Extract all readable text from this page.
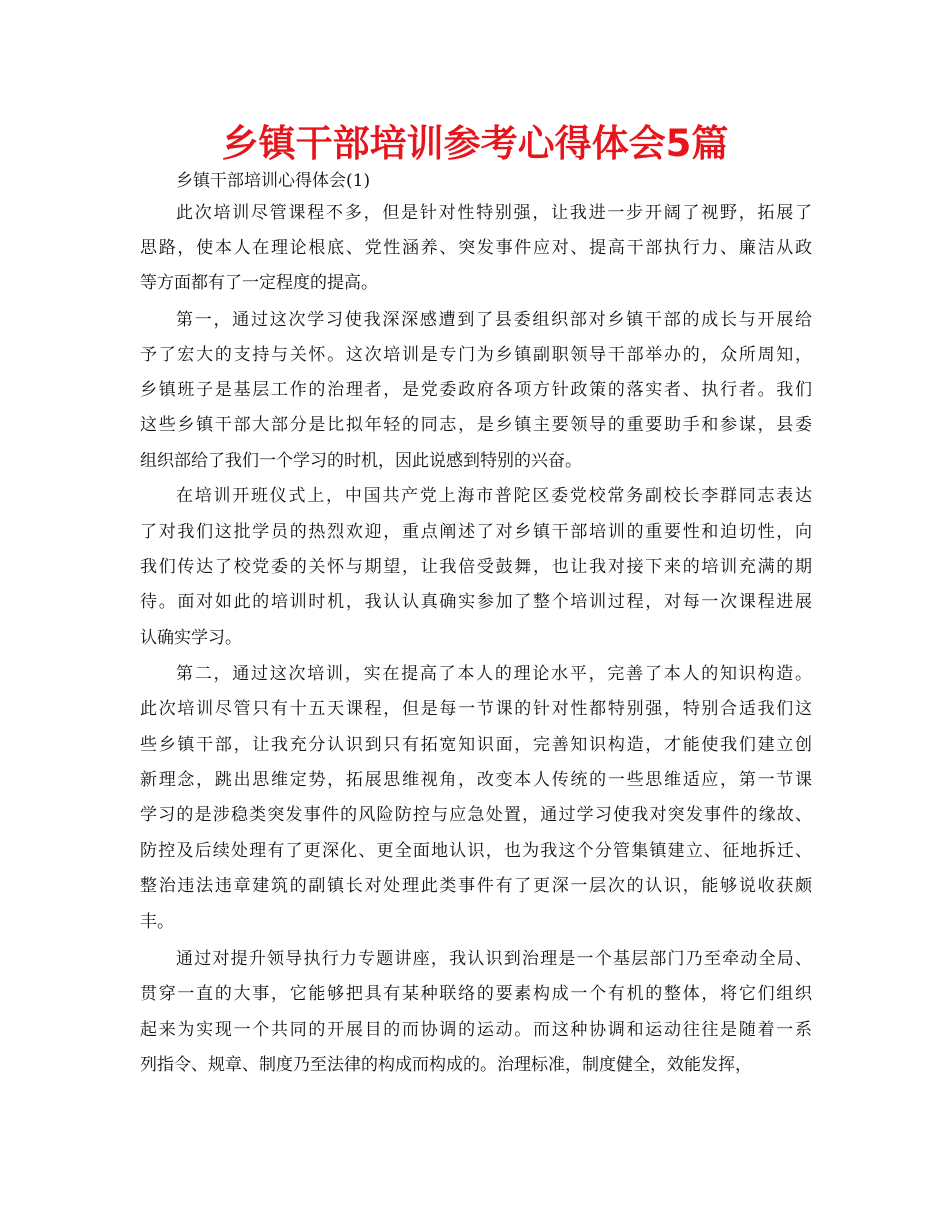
乡镇干部培训参考心得体会5篇
乡镇干部培训心得体会(1)
此次培训尽管课程不多，但是针对性特别强，让我进一步开阔了视野，拓展了
思路，使本人在理论根底、党性涵养、突发事件应对、提高干部执行力、廉洁从政
等方面都有了一定程度的提高。
第一，通过这次学习使我深深感遭到了县委组织部对乡镇干部的成长与开展给
予了宏大的支持与关怀。这次培训是专门为乡镇副职领导干部举办的，众所周知，
乡镇班子是基层工作的治理者，是党委政府各项方针政策的落实者、执行者。我们
这些乡镇干部大部分是比拟年轻的同志，是乡镇主要领导的重要助手和参谋，县委
组织部给了我们一个学习的时机，因此说感到特别的兴奋。
在培训开班仪式上，中国共产党上海市普陀区委党校常务副校长李群同志表达
了对我们这批学员的热烈欢迎，重点阐述了对乡镇干部培训的重要性和迫切性，向
我们传达了校党委的关怀与期望，让我倍受鼓舞，也让我对接下来的培训充满的期
待。面对如此的培训时机，我认认真确实参加了整个培训过程，对每一次课程进展
认确实学习。
第二，通过这次培训，实在提高了本人的理论水平，完善了本人的知识构造。
此次培训尽管只有十五天课程，但是每一节课的针对性都特别强，特别合适我们这
些乡镇干部，让我充分认识到只有拓宽知识面，完善知识构造，才能使我们建立创
新理念，跳出思维定势，拓展思维视角，改变本人传统的一些思维适应，第一节课
学习的是涉稳类突发事件的风险防控与应急处置，通过学习使我对突发事件的缘故、
防控及后续处理有了更深化、更全面地认识，也为我这个分管集镇建立、征地拆迁、
整治违法违章建筑的副镇长对处理此类事件有了更深一层次的认识，能够说收获颇
丰。
通过对提升领导执行力专题讲座，我认识到治理是一个基层部门乃至牵动全局、
贯穿一直的大事，它能够把具有某种联络的要素构成一个有机的整体，将它们组织
起来为实现一个共同的开展目的而协调的运动。而这种协调和运动往往是随着一系
列指令、规章、制度乃至法律的构成而构成的。治理标准，制度健全，效能发挥，
